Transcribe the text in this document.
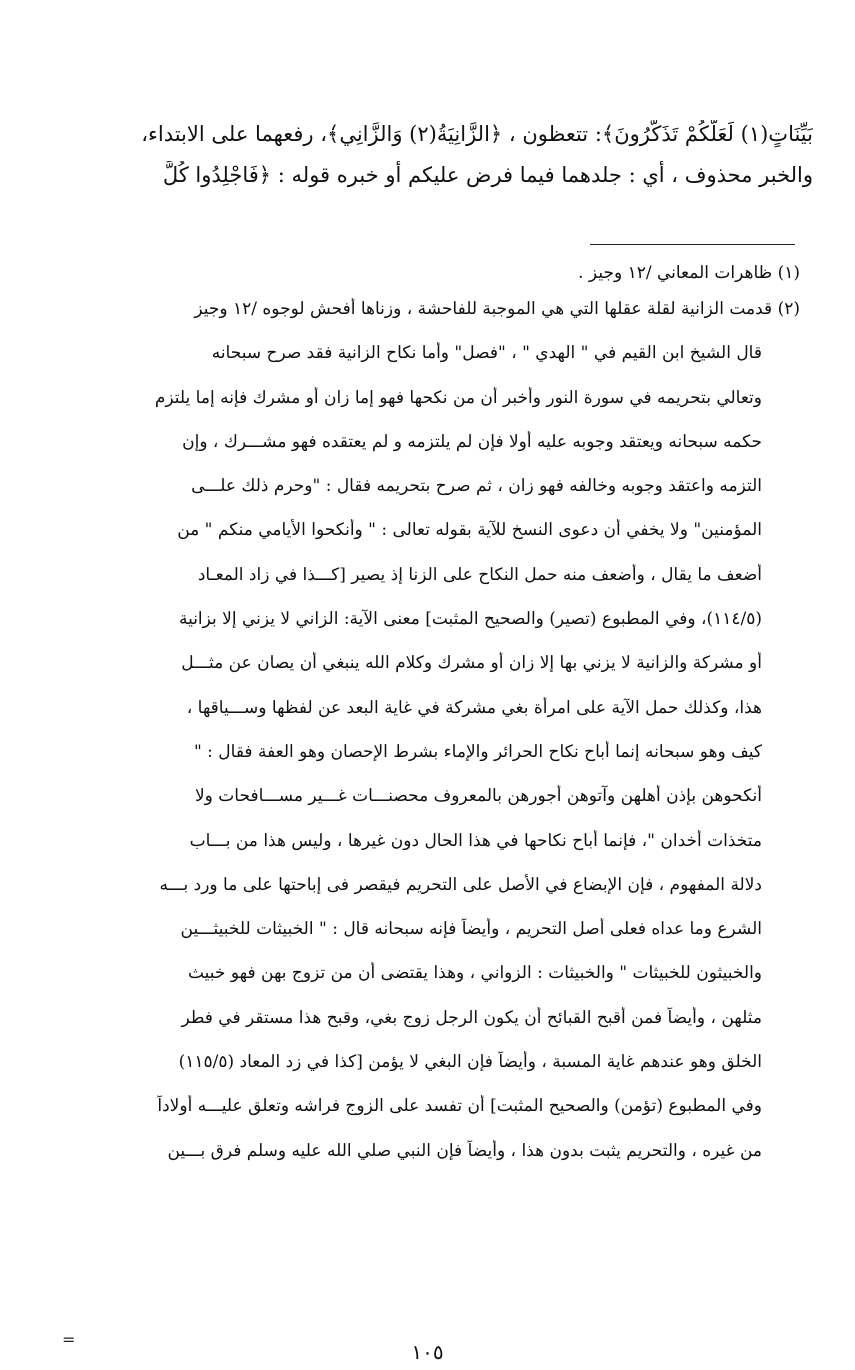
بَيِّنَاتٍ(١) لَعَلَّكُمْ تَذَكَّرُونَ﴾: تتعظون ، ﴿الزَّانِيَةُ(٢) وَالزَّانِي﴾، رفعهما على الابتداء،
والخبر محذوف ، أي : جلدهما فيما فرض عليكم أو خبره قوله : ﴿فَاجْلِدُوا كُلَّ
(١) ظاهرات المعاني /١٢ وجيز .
(٢) قدمت الزانية لقلة عقلها التي هي الموجبة للفاحشة ، وزناها أفحش لوجوه /١٢ وجيز
قال الشيخ ابن القيم في " الهدي " ، "فصل" وأما نكاح الزانية فقد صرح سبحانه
وتعالي بتحريمه في سورة النور وأخبر أن من نكحها فهو إما زان أو مشرك فإنه إما يلتزم
حكمه سبحانه ويعتقد وجوبه عليه أولا فإن لم يلتزمه و لم يعتقده فهو مشـــرك ، وإن
التزمه واعتقد وجوبه وخالفه فهو زان ، ثم صرح بتحريمه فقال : "وحرم ذلك علـــى
المؤمنين" ولا يخفي أن دعوى النسخ للآية بقوله تعالى : " وأنكحوا الأيامي منكم " من
أضعف ما يقال ، وأضعف منه حمل النكاح على الزنا إذ يصير [كـــذا في زاد المعـاد
(١١٤/٥)، وفي المطبوع (تصير) والصحيح المثبت] معنى الآية: الزاني لا يزني إلا بزانية
أو مشركة والزانية لا يزني بها إلا زان أو مشرك وكلام الله ينبغي أن يصان عن مثـــل
هذا، وكذلك حمل الآية على امرأة بغي مشركة في غاية البعد عن لفظها وســـياقها ،
كيف وهو سبحانه إنما أباح نكاح الحرائر والإماء بشرط الإحصان وهو العفة فقال : "
أنكحوهن بإذن أهلهن وآتوهن أجورهن بالمعروف محصنـــات غـــير مســـافحات ولا
متخذات أخدان "، فإنما أباح نكاحها في هذا الحال دون غيرها ، وليس هذا من بـــاب
دلالة المفهوم ، فإن الإبضاع في الأصل على التحريم فيقصر فى إباحتها على ما ورد بـــه
الشرع وما عداه فعلى أصل التحريم ، وأيضاً فإنه سبحانه قال : " الخبيثات للخبيثـــين
والخبيثون للخبيثات " والخبيثات : الزواني ، وهذا يقتضى أن من تزوج بهن فهو خبيث
مثلهن ، وأيضاً فمن أقبح القبائح أن يكون الرجل زوج بغي، وقبح هذا مستقر في فطر
الخلق وهو عندهم غاية المسبة ، وأيضاً فإن البغي لا يؤمن [كذا في زد المعاد (١١٥/٥)
وفي المطبوع (تؤمن) والصحيح المثبت] أن تفسد على الزوج فراشه وتعلق عليـــه أولاداً
من غيره ، والتحريم يثبت بدون هذا ، وأيضاً فإن النبي صلي الله عليه وسلم فرق بـــين
=
١٠٥
